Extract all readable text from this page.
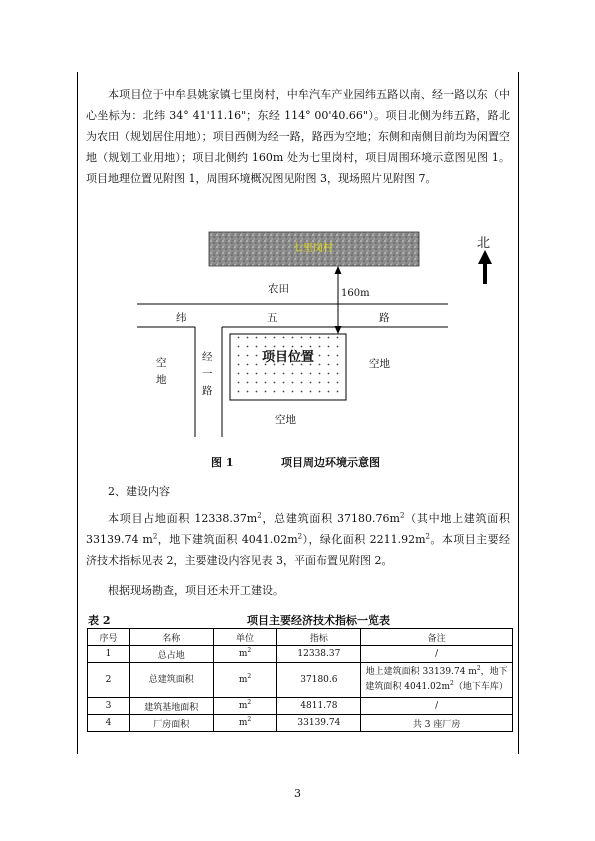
本项目位于中牟县姚家镇七里岗村，中牟汽车产业园纬五路以南、经一路以东（中心坐标为：北纬 34° 41'11.16"；东经 114° 00'40.66"）。项目北侧为纬五路，路北为农田（规划居住用地）；项目西侧为经一路，路西为空地；东侧和南侧目前均为闲置空地（规划工业用地）；项目北侧约 160m 处为七里岗村，项目周围环境示意图见图 1。项目地理位置见附图 1，周围环境概况图见附图 3，现场照片见附图 7。

七里岗村	北
农田	160m
纬	五	路
经
一
路
空
地
项目位置	空地
空地
图 1	项目周边环境示意图
2、建设内容

本项目占地面积 $12338.37m^2$，总建筑面积 $37180.76m^2$（其中地上建筑面积 33139.74 $m^2$，地下建筑面积 $4041.02m^2$），绿化面积 $2211.92m^2$。本项目主要经济技术指标见表 2，主要建设内容见表 3，平面布置见附图 2。

根据现场勘查，项目还未开工建设。

表 2	项目主要经济技术指标一览表
序号	名称	单位	指标	备注
1	总占地	$m^2$	12338.37	/
2	总建筑面积	$m^2$	37180.6	地上建筑面积 33139.74 $m^2$，地下建筑面积 $4041.02m^2$（地下车库）
3	建筑基地面积	$m^2$	4811.78	/
4	厂房面积	$m^2$	33139.74	共 3 座厂房
3
